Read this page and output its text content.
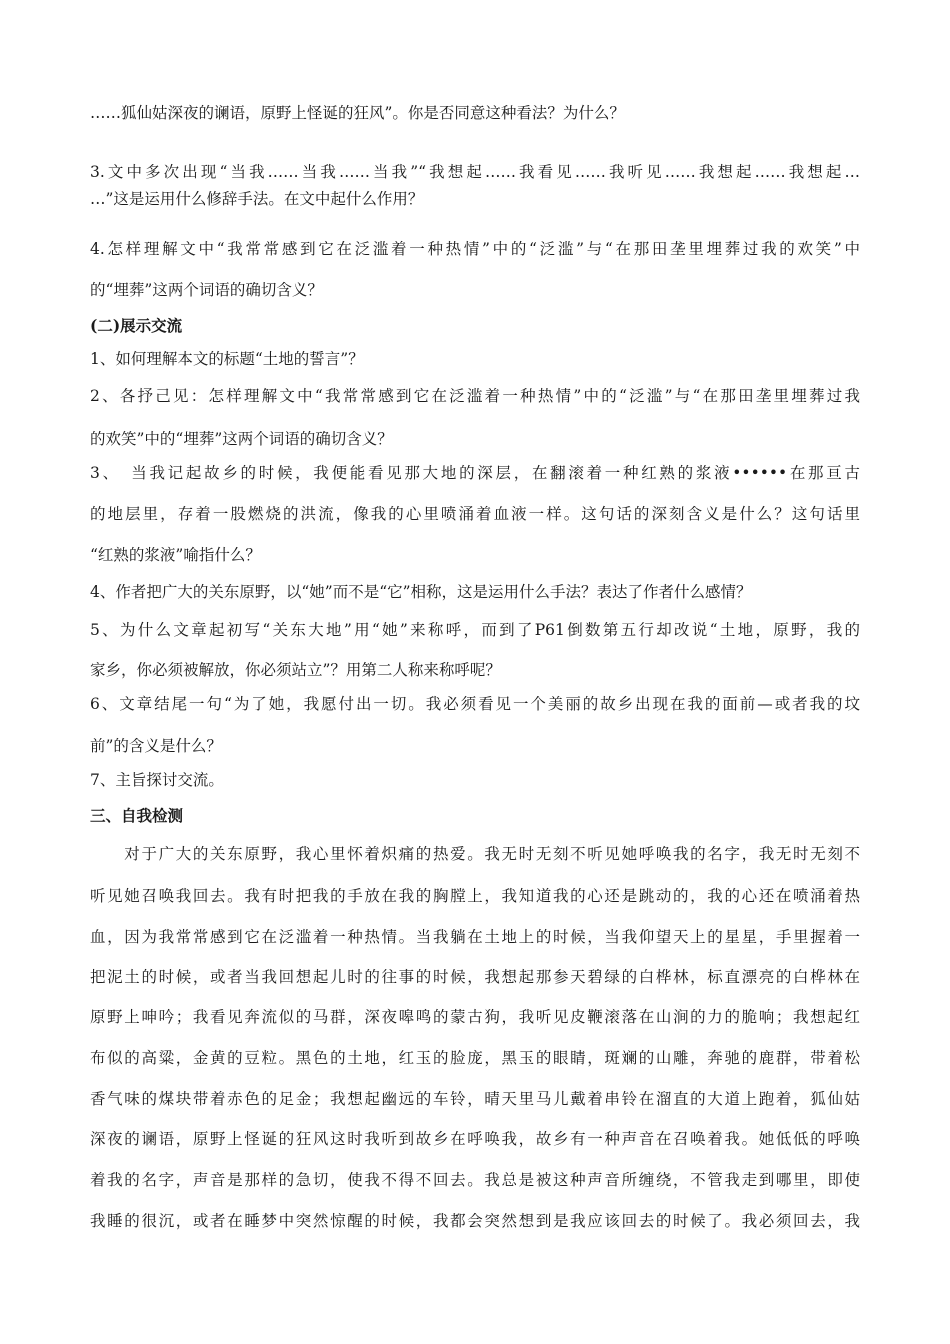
……狐仙姑深夜的谰语，原野上怪诞的狂风”。你是否同意这种看法？为什么？
3.文中多次出现“当我……当我……当我”“我想起……我看见……我听见……我想起……我想起…
…”这是运用什么修辞手法。在文中起什么作用？
4.怎样理解文中“我常常感到它在泛滥着一种热情”中的“泛滥”与“在那田垄里埋葬过我的欢笑”中
的“埋葬”这两个词语的确切含义？
(二)展示交流
1、如何理解本文的标题“土地的誓言”？
2、各抒己见：怎样理解文中“我常常感到它在泛滥着一种热情”中的“泛滥”与“在那田垄里埋葬过我
的欢笑”中的“埋葬”这两个词语的确切含义？
3、　当我记起故乡的时候，我便能看见那大地的深层，在翻滚着一种红熟的浆液••••••在那亘古
的地层里，存着一股燃烧的洪流，像我的心里喷涌着血液一样。这句话的深刻含义是什么？这句话里
“红熟的浆液”喻指什么？
4、作者把广大的关东原野，以“她”而不是“它”相称，这是运用什么手法？表达了作者什么感情？
5、为什么文章起初写“关东大地”用“她”来称呼，而到了P61倒数第五行却改说“土地，原野，我的
家乡，你必须被解放，你必须站立”？用第二人称来称呼呢？
6、文章结尾一句“为了她，我愿付出一切。我必须看见一个美丽的故乡出现在我的面前—或者我的坟
前”的含义是什么？
7、主旨探讨交流。
三、自我检测
　　对于广大的关东原野，我心里怀着炽痛的热爱。我无时无刻不听见她呼唤我的名字，我无时无刻不
听见她召唤我回去。我有时把我的手放在我的胸膛上，我知道我的心还是跳动的，我的心还在喷涌着热
血，因为我常常感到它在泛滥着一种热情。当我躺在土地上的时候，当我仰望天上的星星，手里握着一
把泥土的时候，或者当我回想起儿时的往事的时候，我想起那参天碧绿的白桦林，标直漂亮的白桦林在
原野上呻吟；我看见奔流似的马群，深夜嗥鸣的蒙古狗，我听见皮鞭滚落在山涧的力的脆响；我想起红
布似的高粱，金黄的豆粒。黑色的土地，红玉的脸庞，黑玉的眼睛，斑斓的山雕，奔驰的鹿群，带着松
香气味的煤块带着赤色的足金；我想起幽远的车铃，晴天里马儿戴着串铃在溜直的大道上跑着，狐仙姑
深夜的谰语，原野上怪诞的狂风这时我听到故乡在呼唤我，故乡有一种声音在召唤着我。她低低的呼唤
着我的名字，声音是那样的急切，使我不得不回去。我总是被这种声音所缠绕，不管我走到哪里，即使
我睡的很沉，或者在睡梦中突然惊醒的时候，我都会突然想到是我应该回去的时候了。我必须回去，我
